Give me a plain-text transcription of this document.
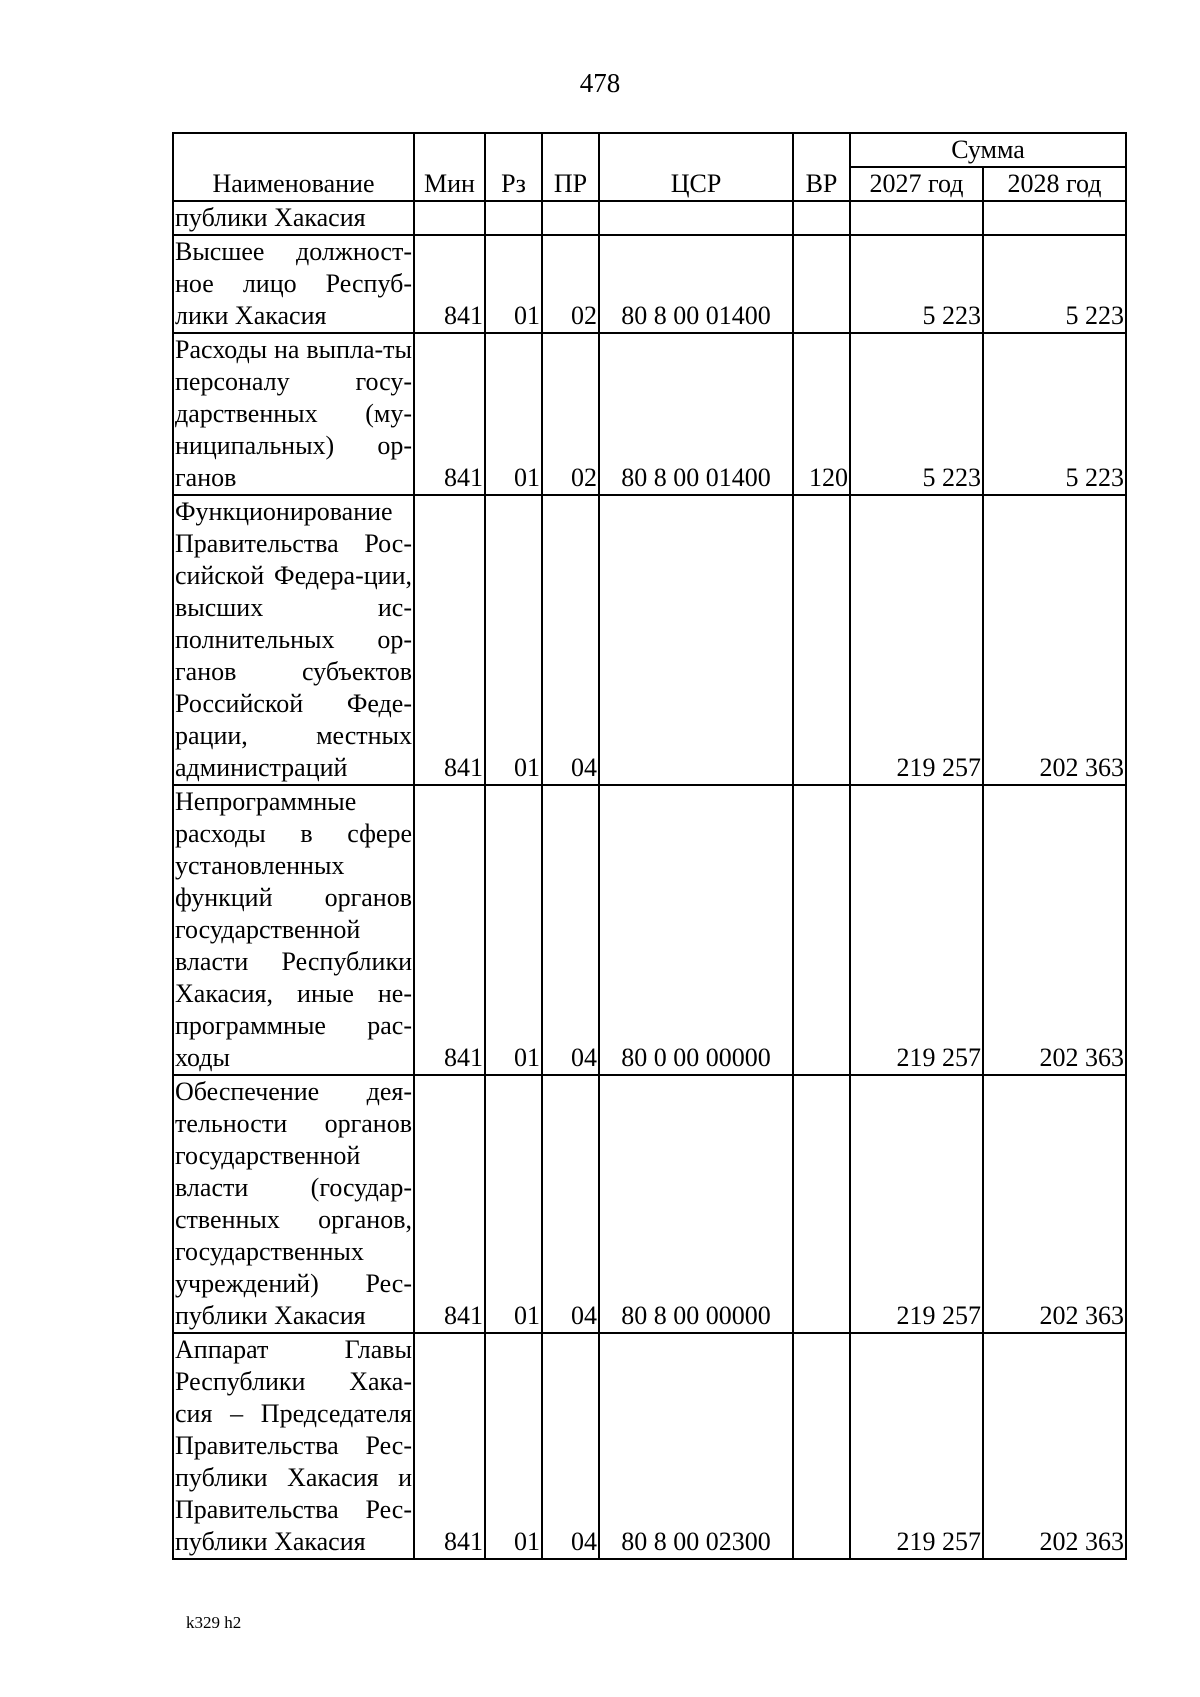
478
Наименование	Мин	Рз	ПР	ЦСР	ВР	Сумма	
						2027 год	2028 год
публики Хакасия							
Высшее должност-ное лицо Респуб-лики Хакасия	841	01	02	80 8 00 01400		5 223	5 223
Расходы на выпла-ты персоналу госу-дарственных (му-ниципальных) ор-ганов	841	01	02	80 8 00 01400	120	5 223	5 223
Функционирование Правительства Рос-сийской Федера-ции, высших ис-полнительных ор-ганов субъектов Российской Феде-рации, местных администраций	841	01	04			219 257	202 363
Непрограммные расходы в сфере установленных функций органов государственной власти Республики Хакасия, иные не-программные рас-ходы	841	01	04	80 0 00 00000		219 257	202 363
Обеспечение дея-тельности органов государственной власти (государ-ственных органов, государственных учреждений) Рес-публики Хакасия	841	01	04	80 8 00 00000		219 257	202 363
Аппарат Главы Республики Хака-сия – Председателя Правительства Рес-публики Хакасия и Правительства Рес-публики Хакасия	841	01	04	80 8 00 02300		219 257	202 363
k329 h2
